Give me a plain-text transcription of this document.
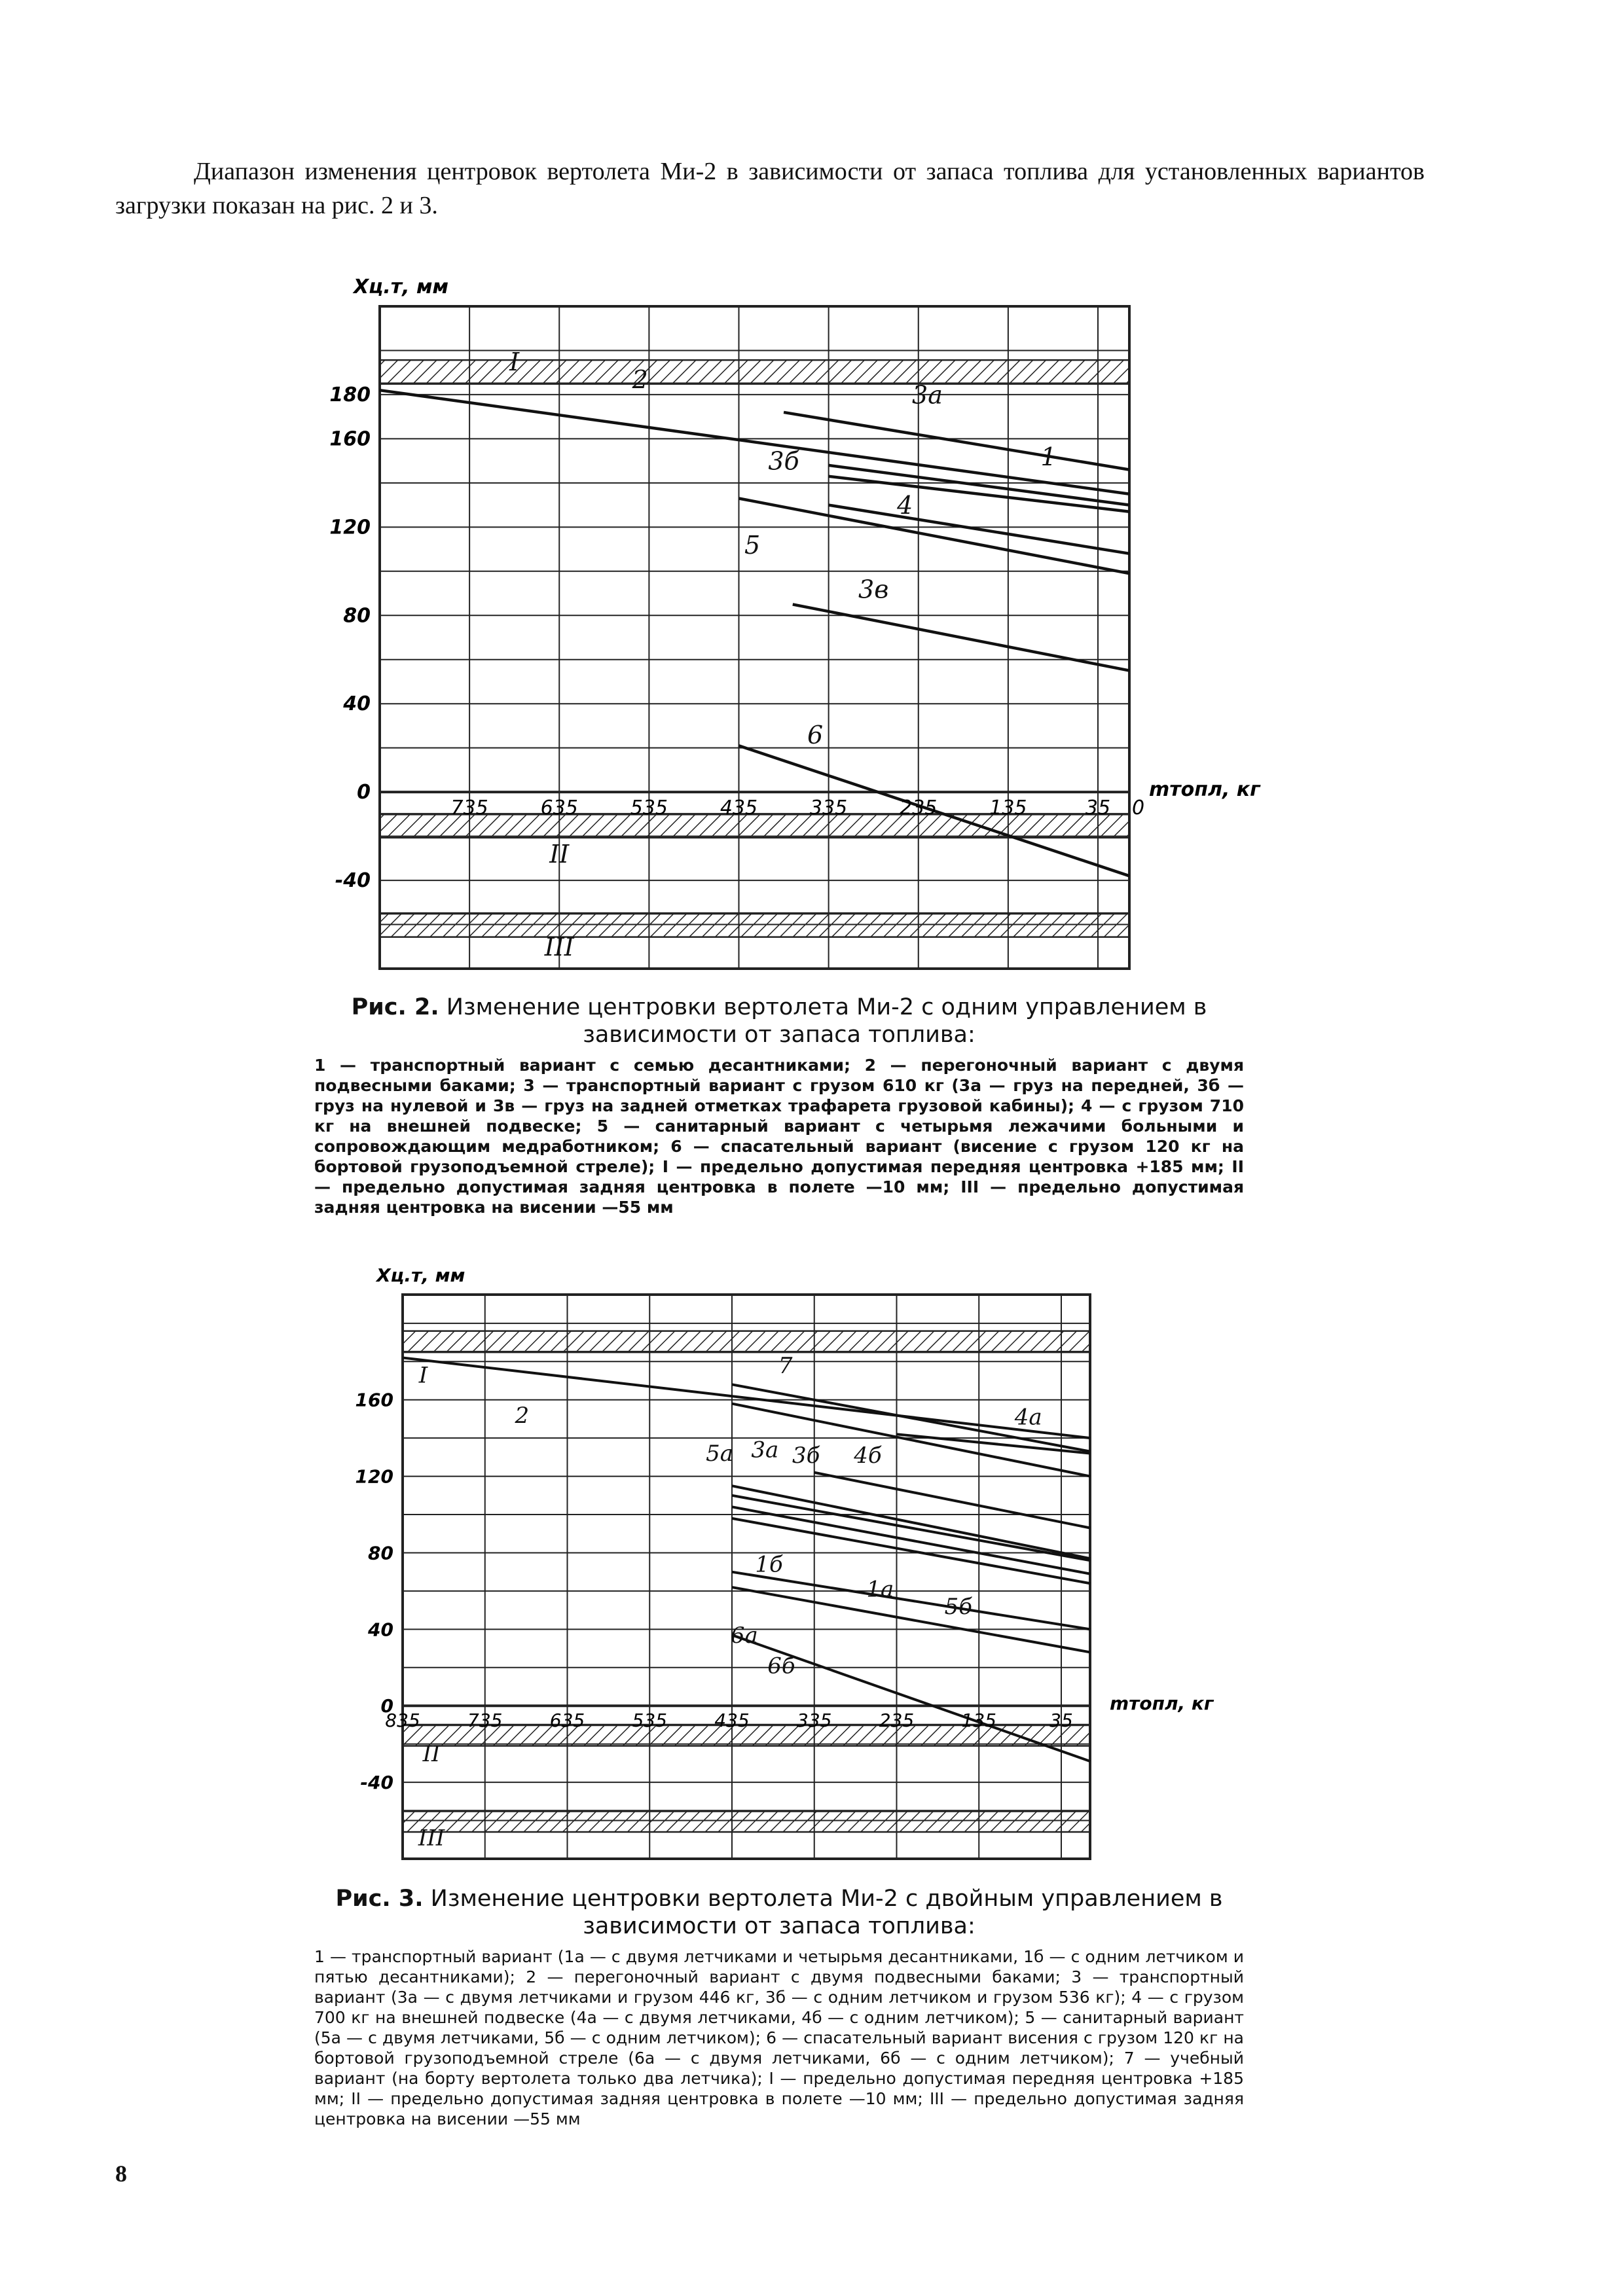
Диапазон изменения центровок вертолета Ми-2 в зависимости от запаса топлива для установленных вариантов загрузки показан на рис. 2 и 3.

180
160
120
80
40
0
-40
735	635	535	435	335	235	135	35 0
Xц.т, мм
mтопл, кг
I
2
3а
1
3б
4
5
3в
6
II
III
Рис. 2. Изменение центровки вертолета Ми-2 с одним управлением в зависимости от запаса топлива:
1 — транспортный вариант с семью десантниками; 2 — перегоночный вариант с двумя подвесными баками; 3 — транспортный вариант с грузом 610 кг (3а — груз на передней, 3б — груз на нулевой и 3в — груз на задней отметках трафарета грузовой кабины); 4 — с грузом 710 кг на внешней подвеске; 5 — санитарный вариант с четырьмя лежачими больными и сопровождающим медработником; 6 — спасательный вариант (висение с грузом 120 кг на бортовой грузоподъемной стреле); I — предельно допустимая передняя центровка +185 мм; II — предельно допустимая задняя центровка в полете —10 мм; III — предельно допустимая задняя центровка на висении —55 мм
160
120
80
40
0
-40
835	735	635	535	435	335	235	135	35
Xц.т, мм
mтопл, кг
I
2
7
4а
5а 3а 3б 4б
1б
1а
5б
6а
6б
II
III
Рис. 3. Изменение центровки вертолета Ми-2 с двойным управлением в зависимости от запаса топлива:
1 — транспортный вариант (1а — с двумя летчиками и четырьмя десантниками, 1б — с одним летчиком и пятью десантниками); 2 — перегоночный вариант с двумя подвесными баками; 3 — транспортный вариант (3а — с двумя летчиками и грузом 446 кг, 3б — с одним летчиком и грузом 536 кг); 4 — с грузом 700 кг на внешней подвеске (4а — с двумя летчиками, 4б — с одним летчиком); 5 — санитарный вариант (5а — с двумя летчиками, 5б — с одним летчиком); 6 — спасательный вариант висения с грузом 120 кг на бортовой грузоподъемной стреле (6а — с двумя летчиками, 6б — с одним летчиком); 7 — учебный вариант (на борту вертолета только два летчика); I — предельно допустимая передняя центровка +185 мм; II — предельно допустимая задняя центровка в полете —10 мм; III — предельно допустимая задняя центровка на висении —55 мм
8
